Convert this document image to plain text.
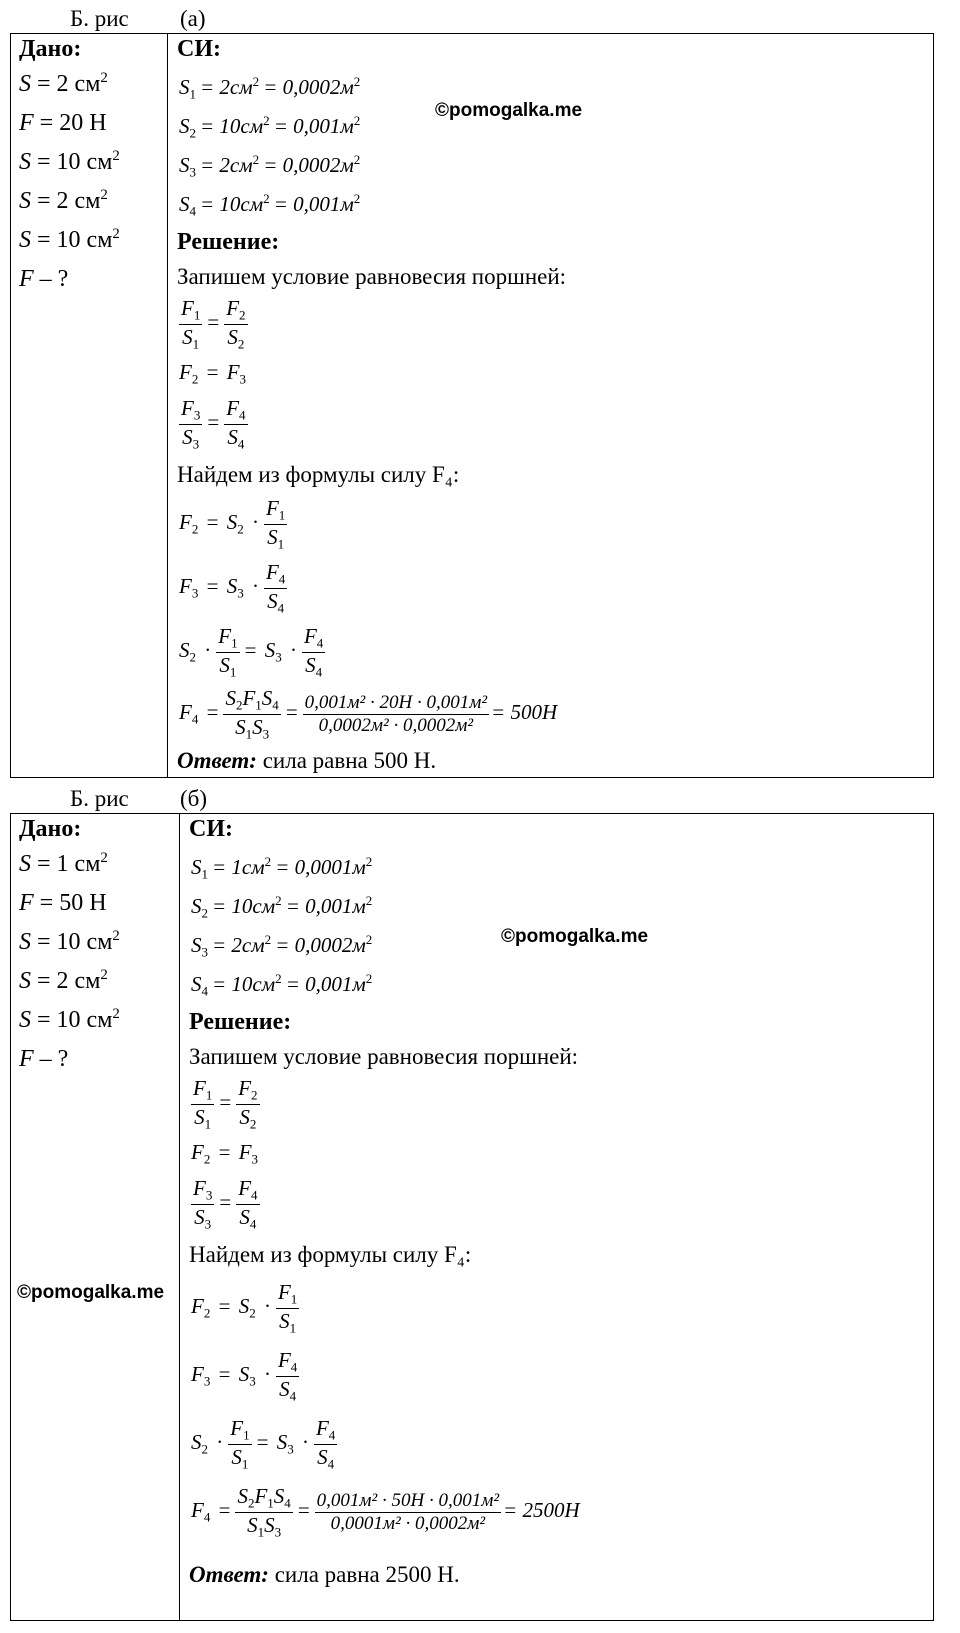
Б. рис (a)
Дано:
S = 2 $см^2$
F = 20 Н
S = 10 $см^2$
S = 2 $см^2$
S = 10 $см^2$
F – ?
СИ:
$S_1 = 2см^2 = 0,0002м^2$
$S_2 = 10см^2 = 0,001м^2$
$S_3 = 2см^2 = 0,0002м^2$
$S_4 = 10см^2 = 0,001м^2$
©pomogalka.me
Решение:
Запишем условие равновесия поршней:
$\frac{F_1}{S_1} = \frac{F_2}{S_2}$
$F_2 = F_3$
$\frac{F_3}{S_3} = \frac{F_4}{S_4}$
Найдем из формулы силу F₄:
$F_2 = S_2 \cdot \frac{F_1}{S_1}$
$F_3 = S_3 \cdot \frac{F_4}{S_4}$
$S_2 \cdot \frac{F_1}{S_1} = S_3 \cdot \frac{F_4}{S_4}$
$F_4 = \frac{S_2F_1S_4}{S_1S_3} = \frac{\text{0,001м² · 20Н · 0,001м²}}{\text{0,0002м² · 0,0002м²}} = 500Н$
Ответ: сила равна 500 Н.
Б. рис (б)
Дано:
S = 1 $см^2$
F = 50 Н
S = 10 $см^2$
S = 2 $см^2$
S = 10 $см^2$
F – ?
©pomogalka.me
СИ:
$S_1 = 1см^2 = 0,0001м^2$
$S_2 = 10см^2 = 0,001м^2$
$S_3 = 2см^2 = 0,0002м^2$
$S_4 = 10см^2 = 0,001м^2$
©pomogalka.me
Решение:
Запишем условие равновесия поршней:
$\frac{F_1}{S_1} = \frac{F_2}{S_2}$
$F_2 = F_3$
$\frac{F_3}{S_3} = \frac{F_4}{S_4}$
Найдем из формулы силу F₄:
$F_2 = S_2 \cdot \frac{F_1}{S_1}$
$F_3 = S_3 \cdot \frac{F_4}{S_4}$
$S_2 \cdot \frac{F_1}{S_1} = S_3 \cdot \frac{F_4}{S_4}$
$F_4 = \frac{S_2F_1S_4}{S_1S_3} = \frac{\text{0,001м² · 50Н · 0,001м²}}{\text{0,0001м² · 0,0002м²}} = 2500Н$
Ответ: сила равна 2500 Н.
